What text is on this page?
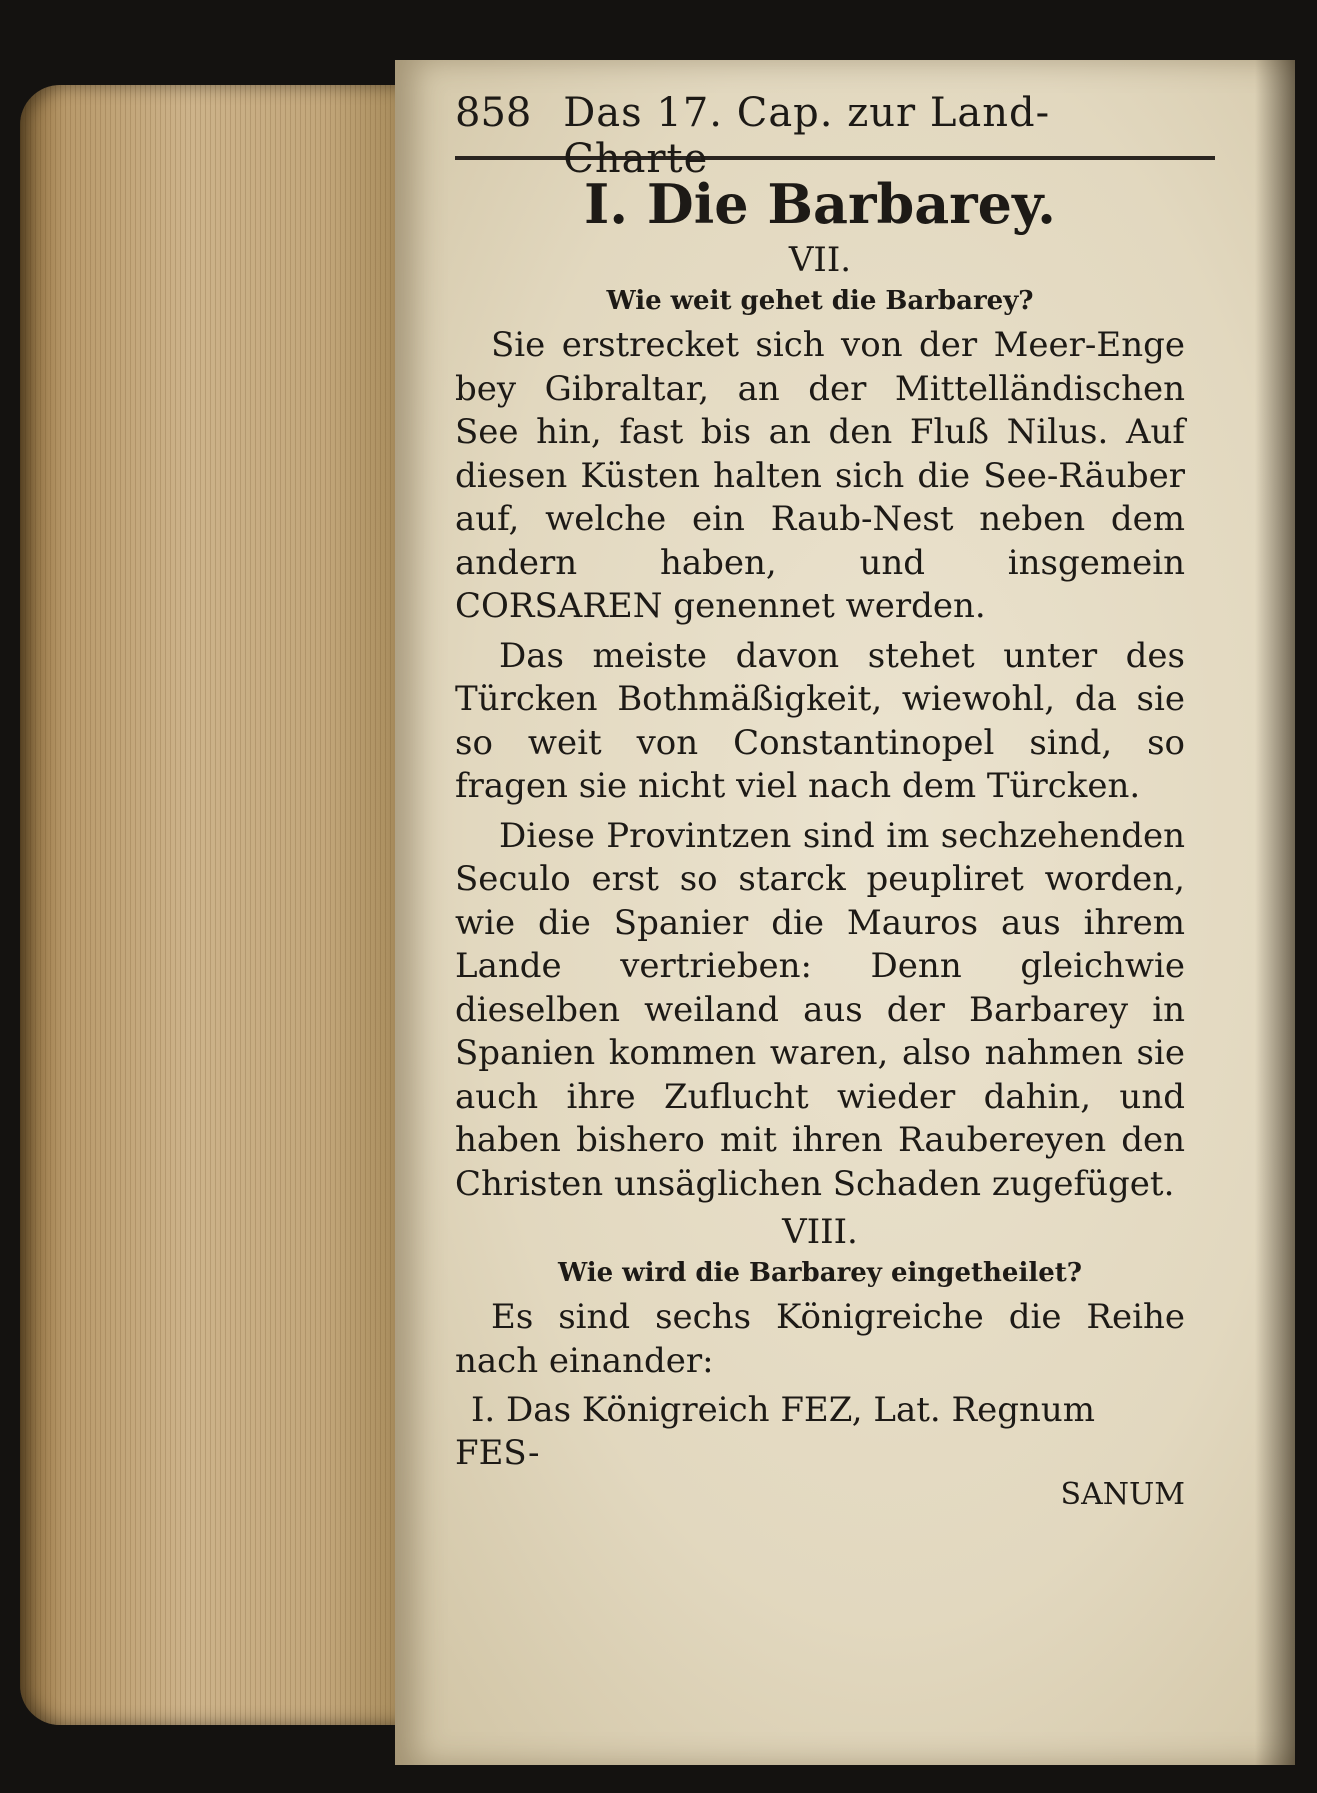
858 Das 17. Cap. zur Land-Charte
I. Die Barbarey.
VII.
Wie weit gehet die Barbarey?

Sie erstrecket sich von der Meer-Enge bey Gibraltar, an der Mittelländischen See hin, fast bis an den Fluß Nilus. Auf diesen Küsten halten sich die See-Räuber auf, welche ein Raub-Nest neben dem andern haben, und insgemein CORSAREN genennet werden.

Das meiste davon stehet unter des Türcken Bothmäßigkeit, wiewohl, da sie so weit von Constantinopel sind, so fragen sie nicht viel nach dem Türcken.

Diese Provintzen sind im sechzehenden Seculo erst so starck peupliret worden, wie die Spanier die Mauros aus ihrem Lande vertrieben: Denn gleichwie dieselben weiland aus der Barbarey in Spanien kommen waren, also nahmen sie auch ihre Zuflucht wieder dahin, und haben bishero mit ihren Raubereyen den Christen unsäglichen Schaden zugefüget.

VIII.
Wie wird die Barbarey eingetheilet?

Es sind sechs Königreiche die Reihe nach einander:

I. Das Königreich FEZ, Lat. Regnum FES-

SANUM
